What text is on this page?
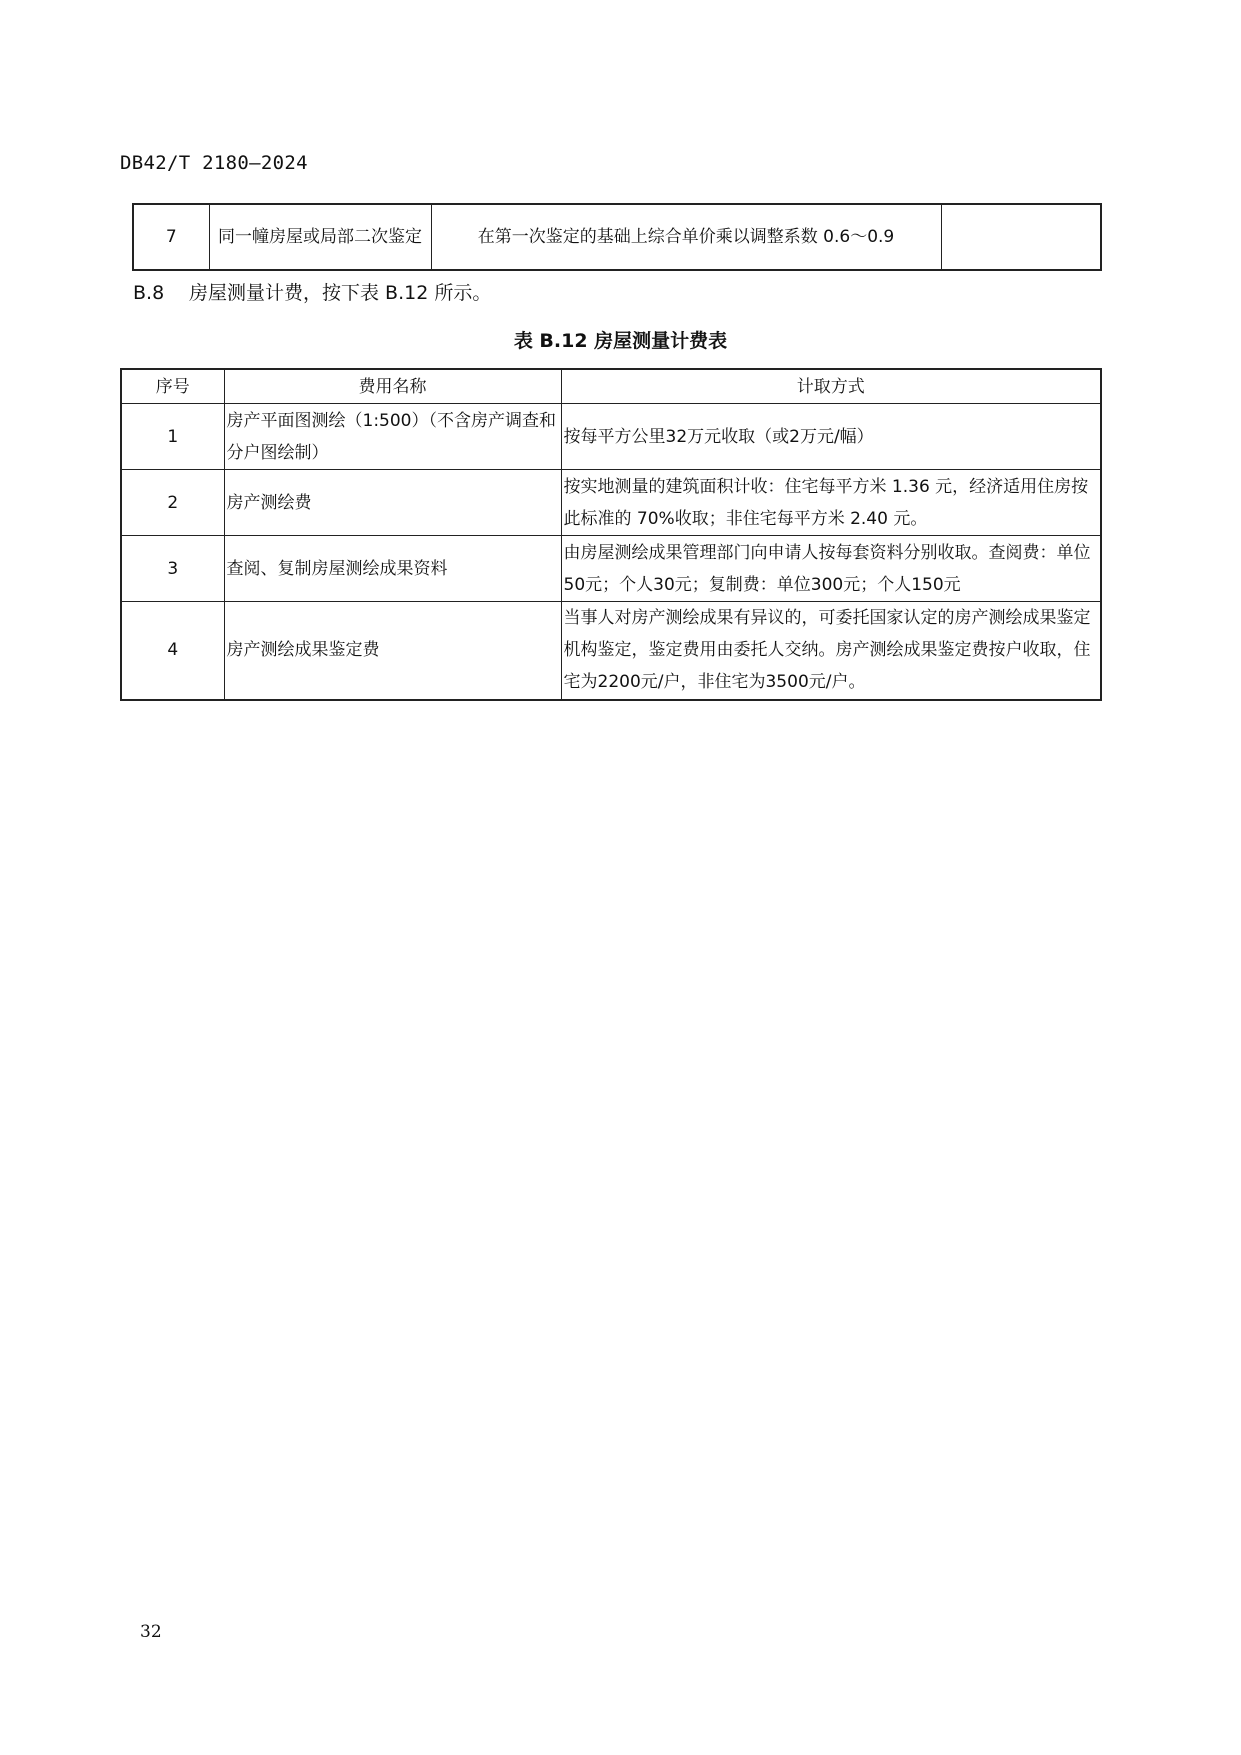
DB42/T 2180—2024
7	同一幢房屋或局部二次鉴定	在第一次鉴定的基础上综合单价乘以调整系数 0.6～0.9	
B.8 房屋测量计费，按下表 B.12 所示。
表 B.12 房屋测量计费表
序号	费用名称	计取方式
1	房产平面图测绘（1:500）（不含房产调查和分户图绘制）	按每平方公里32万元收取（或2万元/幅）
2	房产测绘费	按实地测量的建筑面积计收：住宅每平方米 1.36 元，经济适用住房按此标准的 70%收取；非住宅每平方米 2.40 元。
3	查阅、复制房屋测绘成果资料	由房屋测绘成果管理部门向申请人按每套资料分别收取。查阅费：单位50元；个人30元；复制费：单位300元；个人150元
4	房产测绘成果鉴定费	当事人对房产测绘成果有异议的，可委托国家认定的房产测绘成果鉴定机构鉴定，鉴定费用由委托人交纳。房产测绘成果鉴定费按户收取，住宅为2200元/户，非住宅为3500元/户。
32
